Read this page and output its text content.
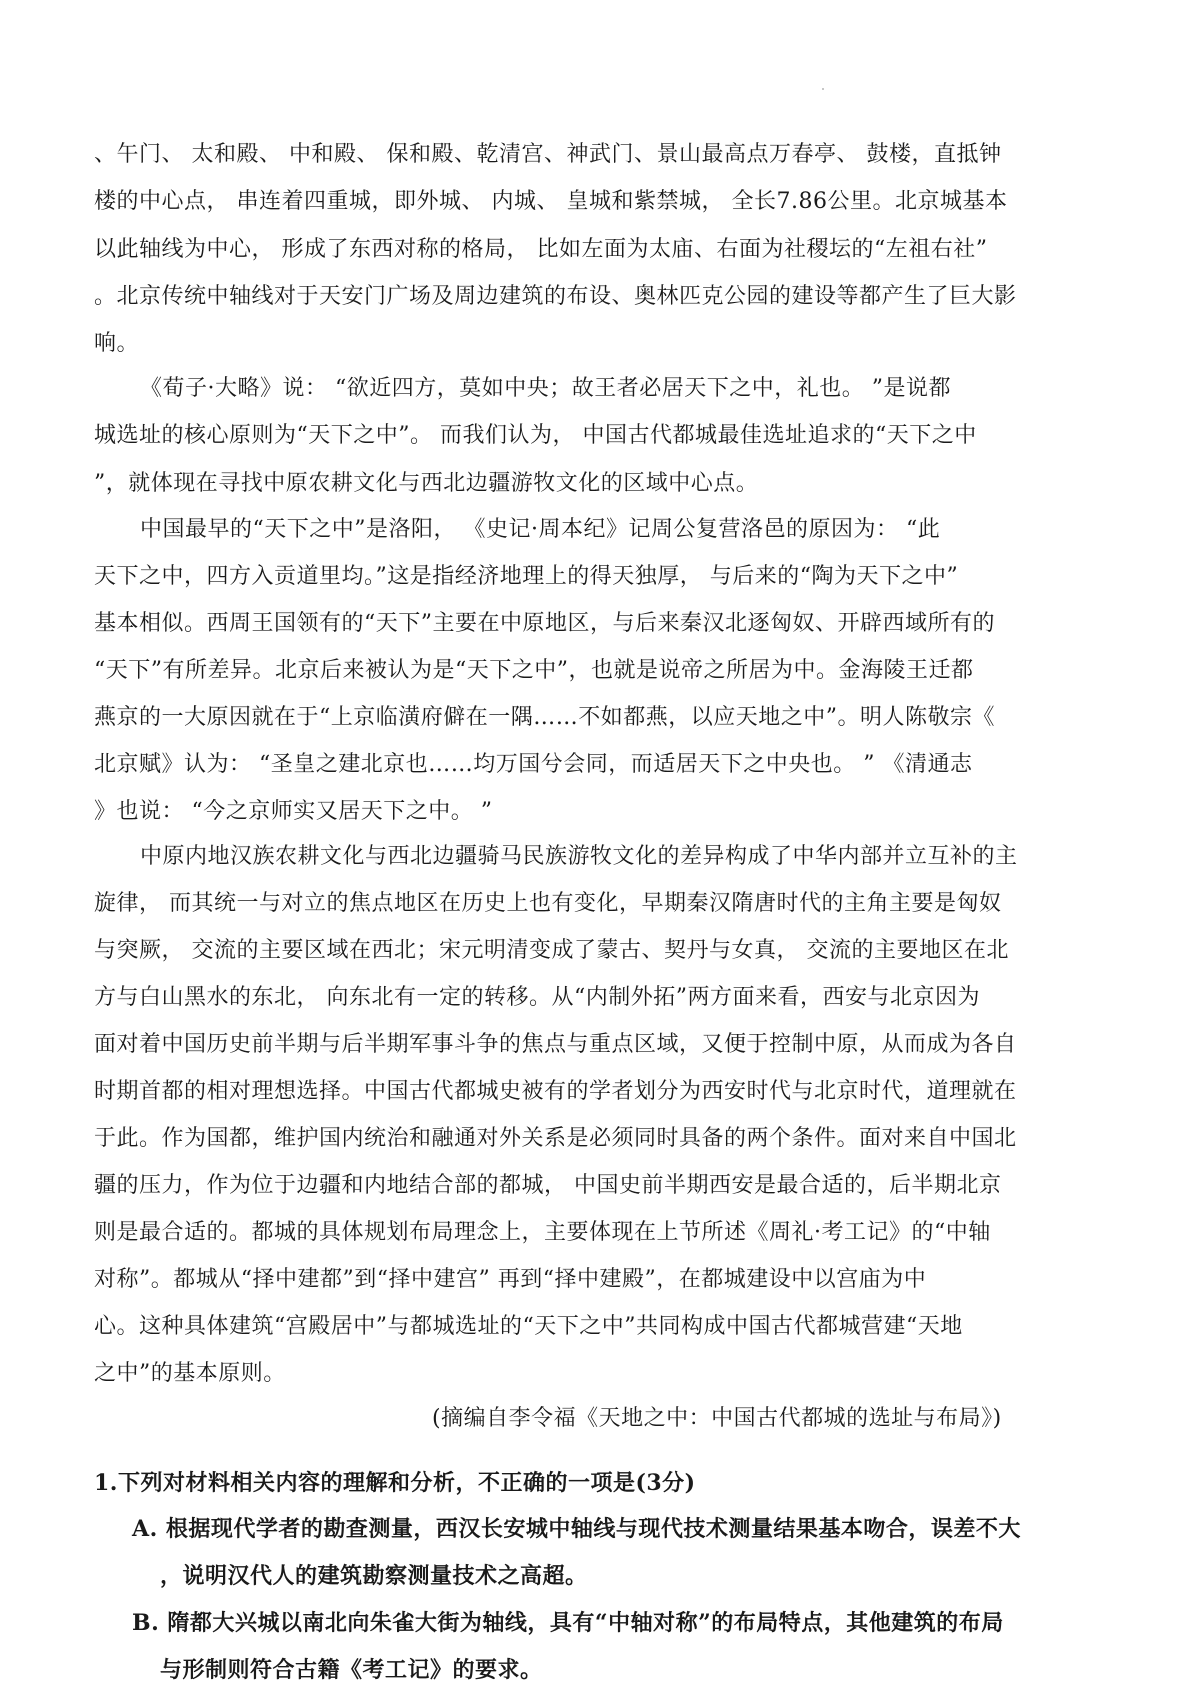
、午门、 太和殿、 中和殿、 保和殿、乾清宫、神武门、景山最高点万春亭、 鼓楼，直抵钟
楼的中心点， 串连着四重城，即外城、 内城、 皇城和紫禁城， 全长7.86公里。北京城基本
以此轴线为中心， 形成了东西对称的格局， 比如左面为太庙、右面为社稷坛的“左祖右社”
。北京传统中轴线对于天安门广场及周边建筑的布设、奥林匹克公园的建设等都产生了巨大影
响。
《荀子·大略》说： “欲近四方，莫如中央；故王者必居天下之中，礼也。 ”是说都
城选址的核心原则为“天下之中”。 而我们认为， 中国古代都城最佳选址追求的“天下之中
”，就体现在寻找中原农耕文化与西北边疆游牧文化的区域中心点。
中国最早的“天下之中”是洛阳， 《史记·周本纪》记周公复营洛邑的原因为： “此
天下之中，四方入贡道里均。”这是指经济地理上的得天独厚， 与后来的“陶为天下之中”
基本相似。西周王国领有的“天下”主要在中原地区，与后来秦汉北逐匈奴、开辟西域所有的
“天下”有所差异。北京后来被认为是“天下之中”，也就是说帝之所居为中。金海陵王迁都
燕京的一大原因就在于“上京临潢府僻在一隅……不如都燕，以应天地之中”。明人陈敬宗《
北京赋》认为： “圣皇之建北京也……均万国兮会同，而适居天下之中央也。 ” 《清通志
》也说： “今之京师实又居天下之中。 ”
中原内地汉族农耕文化与西北边疆骑马民族游牧文化的差异构成了中华内部并立互补的主
旋律， 而其统一与对立的焦点地区在历史上也有变化，早期秦汉隋唐时代的主角主要是匈奴
与突厥， 交流的主要区域在西北；宋元明清变成了蒙古、契丹与女真， 交流的主要地区在北
方与白山黑水的东北， 向东北有一定的转移。从“内制外拓”两方面来看，西安与北京因为
面对着中国历史前半期与后半期军事斗争的焦点与重点区域，又便于控制中原，从而成为各自
时期首都的相对理想选择。中国古代都城史被有的学者划分为西安时代与北京时代，道理就在
于此。作为国都，维护国内统治和融通对外关系是必须同时具备的两个条件。面对来自中国北
疆的压力，作为位于边疆和内地结合部的都城， 中国史前半期西安是最合适的，后半期北京
则是最合适的。都城的具体规划布局理念上，主要体现在上节所述《周礼·考工记》的“中轴
对称”。都城从“择中建都”到“择中建宫” 再到“择中建殿”，在都城建设中以宫庙为中
心。这种具体建筑“宫殿居中”与都城选址的“天下之中”共同构成中国古代都城营建“天地
之中”的基本原则。
(摘编自李令福《天地之中：中国古代都城的选址与布局》)
1.下列对材料相关内容的理解和分析，不正确的一项是(3分)
A. 根据现代学者的勘查测量，西汉长安城中轴线与现代技术测量结果基本吻合，误差不大
，说明汉代人的建筑勘察测量技术之高超。
B. 隋都大兴城以南北向朱雀大街为轴线，具有“中轴对称”的布局特点，其他建筑的布局
与形制则符合古籍《考工记》的要求。
